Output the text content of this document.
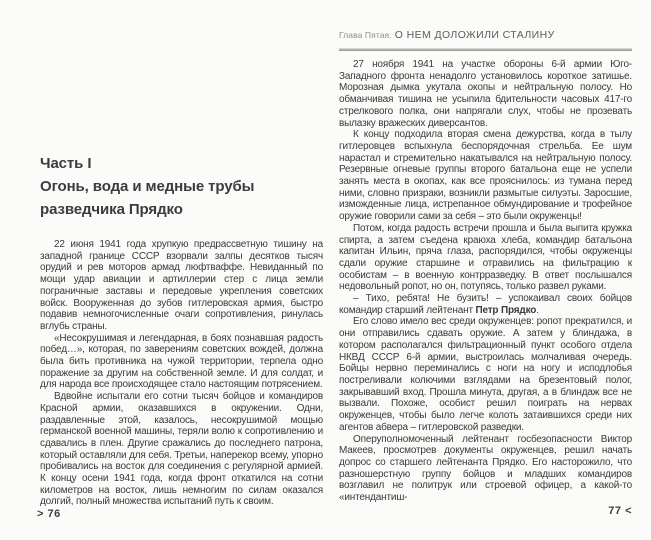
Часть I
Огонь, вода и медные трубы
разведчика Прядко

22 июня 1941 года хрупкую предрассветную тишину на западной границе СССР взорвали залпы десятков тысяч орудий и рев моторов армад люфтваффе. Невиданный по мощи удар авиации и артиллерии стер с лица земли пограничные заставы и передовые укрепления советских войск. Вооруженная до зубов гитлеровская армия, быстро подавив немногочисленные очаги сопротивления, ринулась вглубь страны.

«Несокрушимая и легендарная, в боях познавшая радость побед…», которая, по заверениям советских вождей, должна была бить противника на чужой территории, терпела одно поражение за другим на собственной земле. И для солдат, и для народа все происходящее стало настоящим потрясением.

Вдвойне испытали его сотни тысяч бойцов и командиров Красной армии, оказавшихся в окружении. Одни, раздавленные этой, казалось, несокрушимой мощью германской военной машины, теряли волю к сопротивлению и сдавались в плен. Другие сражались до последнего патрона, который оставляли для себя. Третьи, наперекор всему, упорно пробивались на восток для соединения с регулярной армией. К концу осени 1941 года, когда фронт откатился на сотни километров на восток, лишь немногим по силам оказался долгий, полный множества испытаний путь к своим.

> 76
Глава Пятая. О НЕМ ДОЛОЖИЛИ СТАЛИНУ

27 ноября 1941 на участке обороны 6-й армии Юго-Западного фронта ненадолго установилось короткое затишье. Морозная дымка укутала окопы и нейтральную полосу. Но обманчивая тишина не усыпила бдительности часовых 417-го стрелкового полка, они напрягали слух, чтобы не прозевать вылазку вражеских диверсантов.

К концу подходила вторая смена дежурства, когда в тылу гитлеровцев вспыхнула беспорядочная стрельба. Ее шум нарастал и стремительно накатывался на нейтральную полосу. Резервные огневые группы второго батальона еще не успели занять места в окопах, как все прояснилось: из тумана перед ними, словно призраки, возникли размытые силуэты. Заросшие, изможденные лица, истрепанное обмундирование и трофейное оружие говорили сами за себя – это были окруженцы!

Потом, когда радость встречи прошла и была выпита кружка спирта, а затем съедена краюха хлеба, командир батальона капитан Ильин, пряча глаза, распорядился, чтобы окруженцы сдали оружие старшине и отравились на фильтрацию к особистам – в военную контрразведку. В ответ послышался недовольный ропот, но он, потупясь, только развел руками.

– Тихо, ребята! Не бузить! – успокаивал своих бойцов командир старший лейтенант Петр Прядко.

Его слово имело вес среди окруженцев: ропот прекратился, и они отправились сдавать оружие. А затем у блиндажа, в котором располагался фильтрационный пункт особого отдела НКВД СССР 6-й армии, выстроилась молчаливая очередь. Бойцы нервно переминались с ноги на ногу и исподлобья постреливали колючими взглядами на брезентовый полог, закрывавший вход. Прошла минута, другая, а в блиндаж все не вызвали. Похоже, особист решил поиграть на нервах окруженцев, чтобы было легче колоть затаившихся среди них агентов абвера – гитлеровской разведки.

Оперуполномоченный лейтенант госбезопасности Виктор Макеев, просмотрев документы окруженцев, решил начать допрос со старшего лейтенанта Прядко. Его насторожило, что разношерстную группу бойцов и младших командиров возглавил не политрук или строевой офицер, а какой-то «интендантиш-

77 <
